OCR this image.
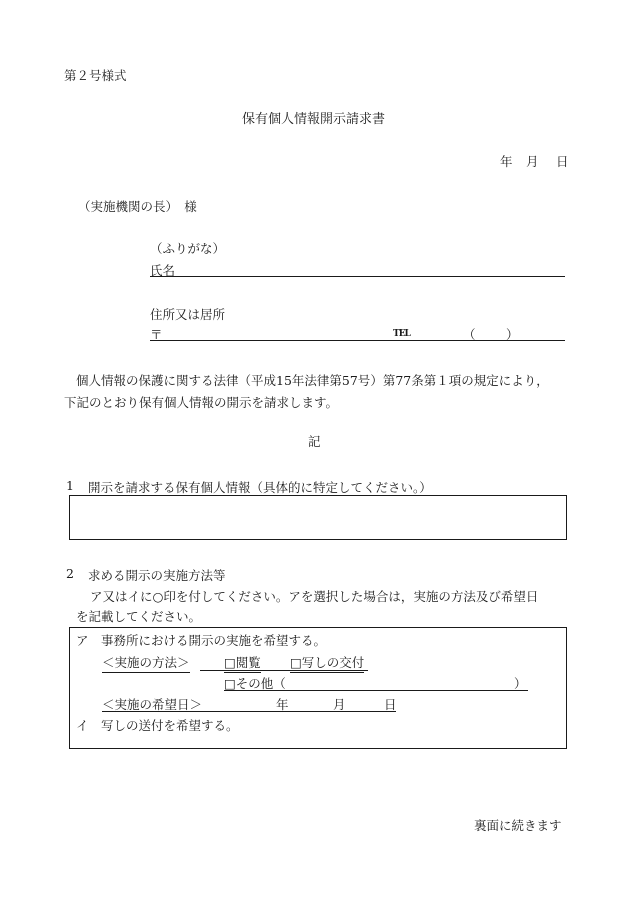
第２号様式
保有個人情報開示請求書
年 月 日
（実施機関の長）　様
（ふりがな）
氏名
住所又は居所
〒	TEL	（ ）
個人情報の保護に関する法律（平成15年法律第57号）第77条第１項の規定により，
下記のとおり保有個人情報の開示を請求します。
記
1 開示を請求する保有個人情報（具体的に特定してください。）
2 求める開示の実施方法等
ア又はイに○印を付してください。アを選択した場合は，実施の方法及び希望日
を記載してください。
ア　事務所における開示の実施を希望する。
＜実施の方法＞	□閲覧 □写しの交付
□その他（	）
＜実施の希望日＞	年	月	日
イ　写しの送付を希望する。
裏面に続きます
